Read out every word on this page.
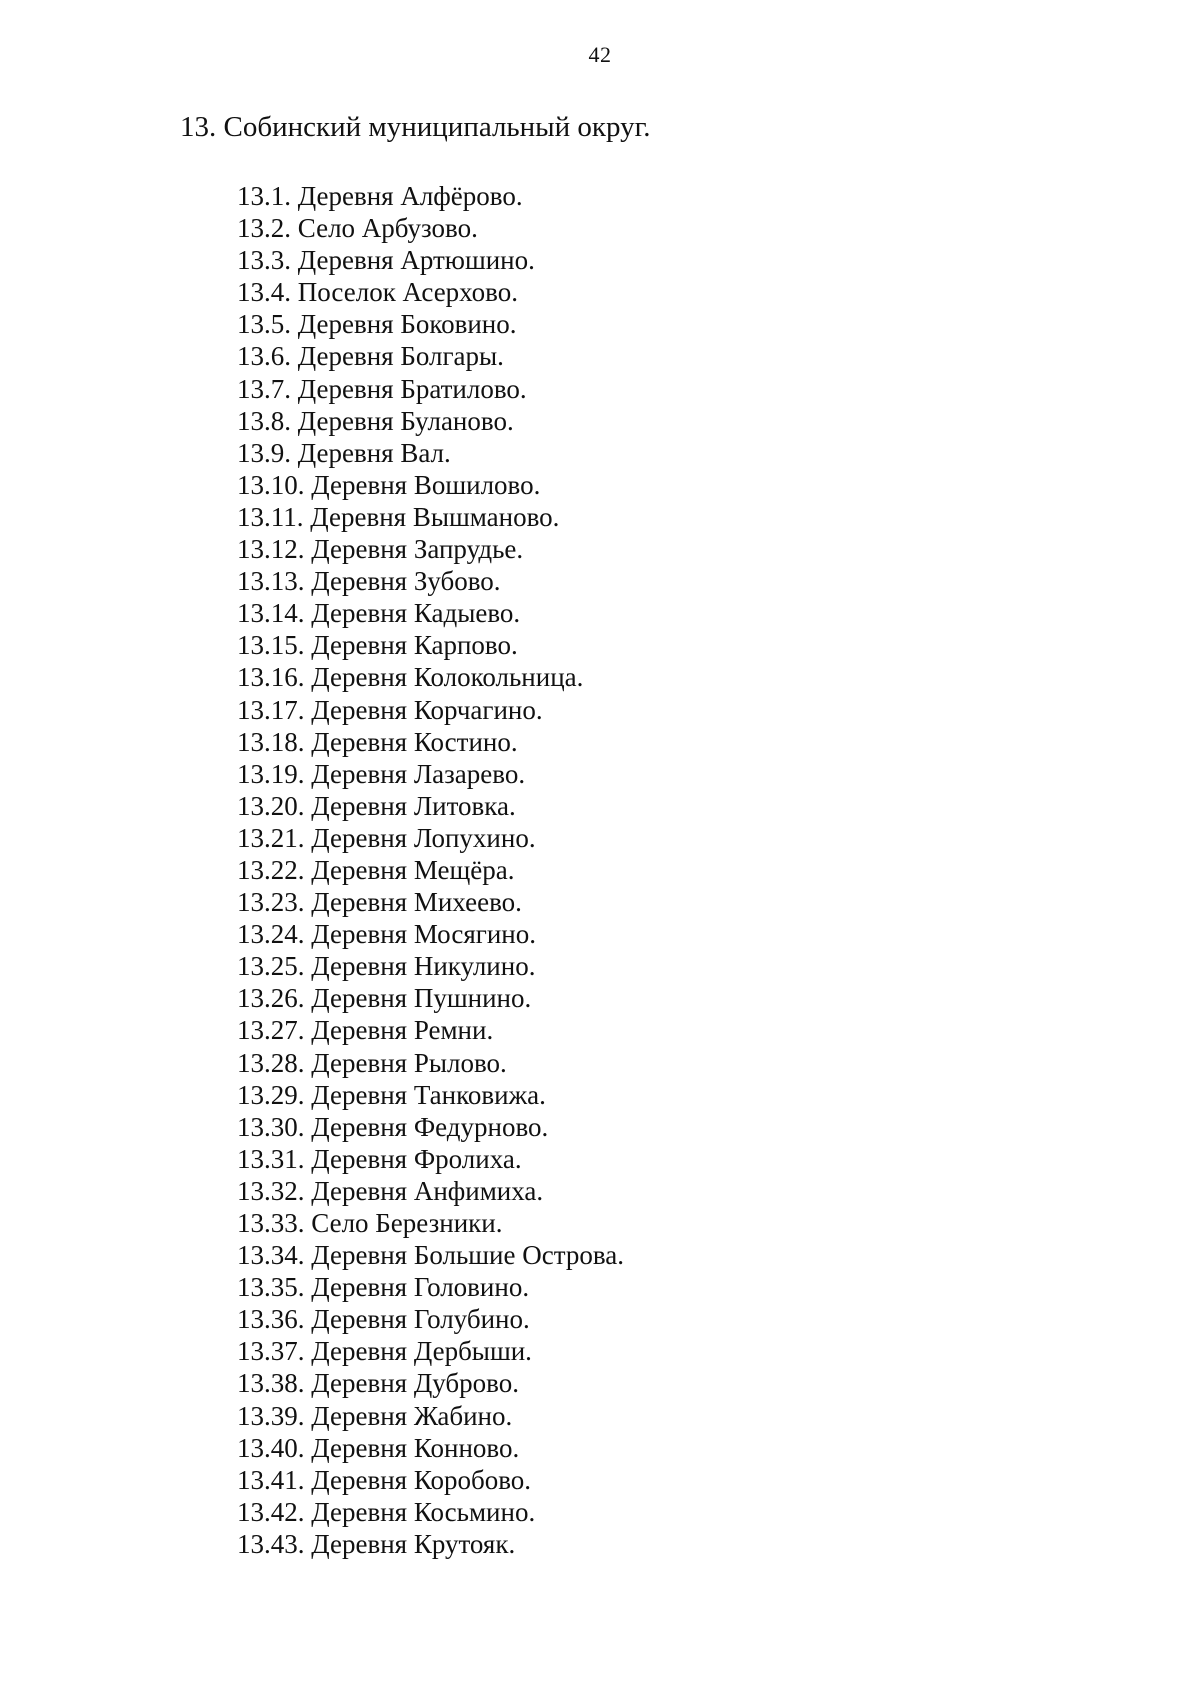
42
13. Собинский муниципальный округ.
13.1. Деревня Алфёрово.
13.2. Село Арбузово.
13.3. Деревня Артюшино.
13.4. Поселок Асерхово.
13.5. Деревня Боковино.
13.6. Деревня Болгары.
13.7. Деревня Братилово.
13.8. Деревня Буланово.
13.9. Деревня Вал.
13.10. Деревня Вошилово.
13.11. Деревня Вышманово.
13.12. Деревня Запрудье.
13.13. Деревня Зубово.
13.14. Деревня Кадыево.
13.15. Деревня Карпово.
13.16. Деревня Колокольница.
13.17. Деревня Корчагино.
13.18. Деревня Костино.
13.19. Деревня Лазарево.
13.20. Деревня Литовка.
13.21. Деревня Лопухино.
13.22. Деревня Мещёра.
13.23. Деревня Михеево.
13.24. Деревня Мосягино.
13.25. Деревня Никулино.
13.26. Деревня Пушнино.
13.27. Деревня Ремни.
13.28. Деревня Рылово.
13.29. Деревня Танковижа.
13.30. Деревня Федурново.
13.31. Деревня Фролиха.
13.32. Деревня Анфимиха.
13.33. Село Березники.
13.34. Деревня Большие Острова.
13.35. Деревня Головино.
13.36. Деревня Голубино.
13.37. Деревня Дербыши.
13.38. Деревня Дуброво.
13.39. Деревня Жабино.
13.40. Деревня Конново.
13.41. Деревня Коробово.
13.42. Деревня Косьмино.
13.43. Деревня Крутояк.
